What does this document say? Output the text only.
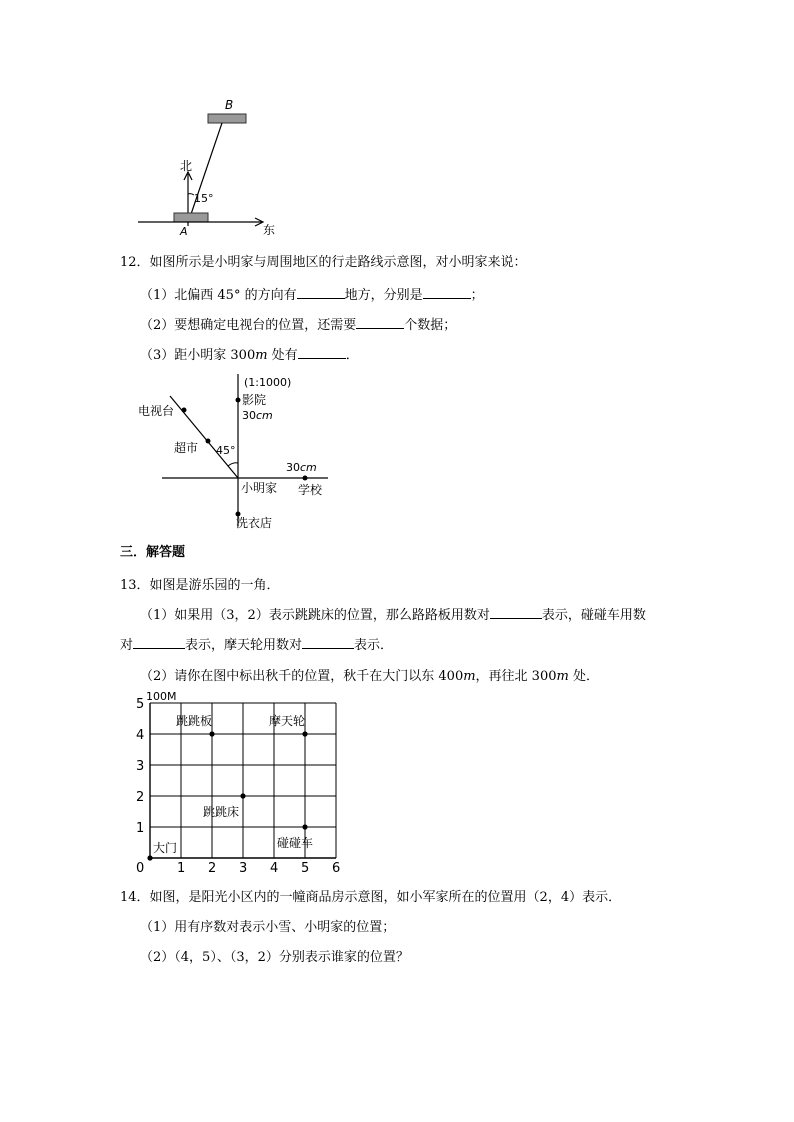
B
北
东
A
15°
12．如图所示是小明家与周围地区的行走路线示意图，对小明家来说：
（1）北偏西 45° 的方向有	地方，分别是	；
（2）要想确定电视台的位置，还需要	个数据；
（3）距小明家 300m 处有	．
(1:1000)
影院
30cm
电视台
超市 45°
30cm
学校
小明家
洗衣店
三．解答题
13．如图是游乐园的一角．
（1）如果用（3，2）表示跳跳床的位置，那么路路板用数对	表示，碰碰车用数
对	表示，摩天轮用数对	表示．
（2）请你在图中标出秋千的位置，秋千在大门以东 400m，再往北 300m 处．
100M
0	1 2 3 4 5 6
1
2
3
4
5
跳跳板	摩天轮
跳跳床
碰碰车
大门
14．如图，是阳光小区内的一幢商品房示意图，如小军家所在的位置用（2，4）表示．
（1）用有序数对表示小雪、小明家的位置；
（2）（4，5）、（3，2）分别表示谁家的位置？
